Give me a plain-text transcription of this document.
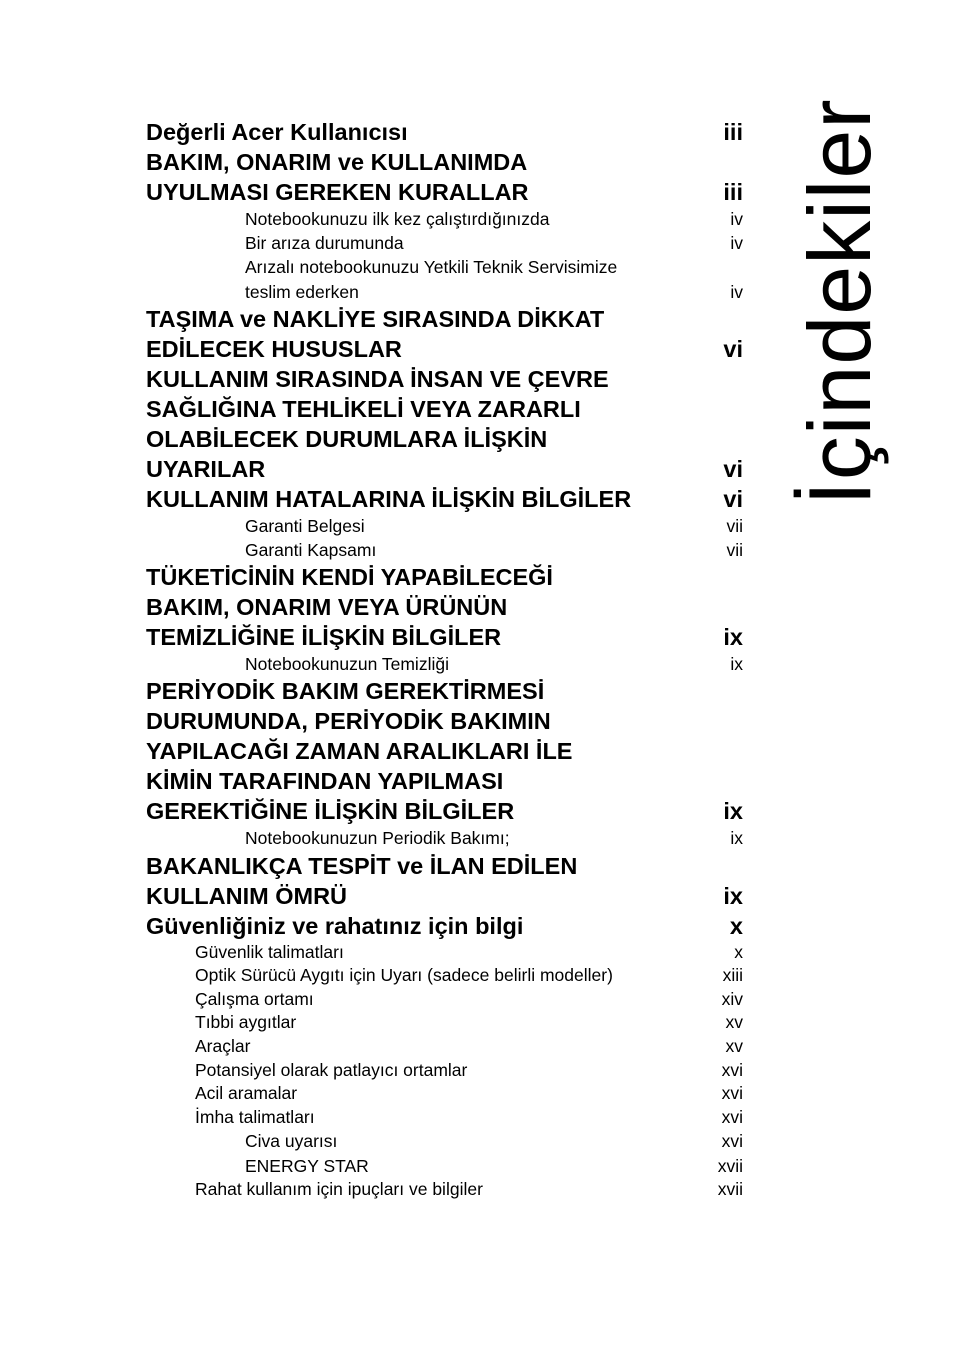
Değerli Acer Kullanıcısı	iii
BAKIM, ONARIM ve KULLANIMDA
UYULMASI GEREKEN KURALLAR	iii
Notebookunuzu ilk kez çalıştırdığınızda	iv
Bir arıza durumunda	iv
Arızalı notebookunuzu Yetkili Teknik Servisimize
teslim ederken	iv
TAŞIMA ve NAKLİYE SIRASINDA DİKKAT
EDİLECEK HUSUSLAR	vi
KULLANIM SIRASINDA İNSAN VE ÇEVRE
SAĞLIĞINA TEHLİKELİ VEYA ZARARLI
OLABİLECEK DURUMLARA İLİŞKİN
UYARILAR	vi
KULLANIM HATALARINA İLİŞKİN BİLGİLER	vi
Garanti Belgesi	vii
Garanti Kapsamı	vii
TÜKETİCİNİN KENDİ YAPABİLECEĞİ
BAKIM, ONARIM VEYA ÜRÜNÜN
TEMİZLİĞİNE İLİŞKİN BİLGİLER	ix
Notebookunuzun Temizliği	ix
PERİYODİK BAKIM GEREKTİRMESİ
DURUMUNDA, PERİYODİK BAKIMIN
YAPILACAĞI ZAMAN ARALIKLARI İLE
KİMİN TARAFINDAN YAPILMASI
GEREKTİĞİNE İLİŞKİN BİLGİLER	ix
Notebookunuzun Periodik Bakımı;	ix
BAKANLIKÇA TESPİT ve İLAN EDİLEN
KULLANIM ÖMRÜ	ix
Güvenliğiniz ve rahatınız için bilgi	x
Güvenlik talimatları	x
Optik Sürücü Aygıtı için Uyarı (sadece belirli modeller)	xiii
Çalışma ortamı	xiv
Tıbbi aygıtlar	xv
Araçlar	xv
Potansiyel olarak patlayıcı ortamlar	xvi
Acil aramalar	xvi
İmha talimatları	xvi
Civa uyarısı	xvi
ENERGY STAR	xvii
Rahat kullanım için ipuçları ve bilgiler	xvii
İçindekiler
